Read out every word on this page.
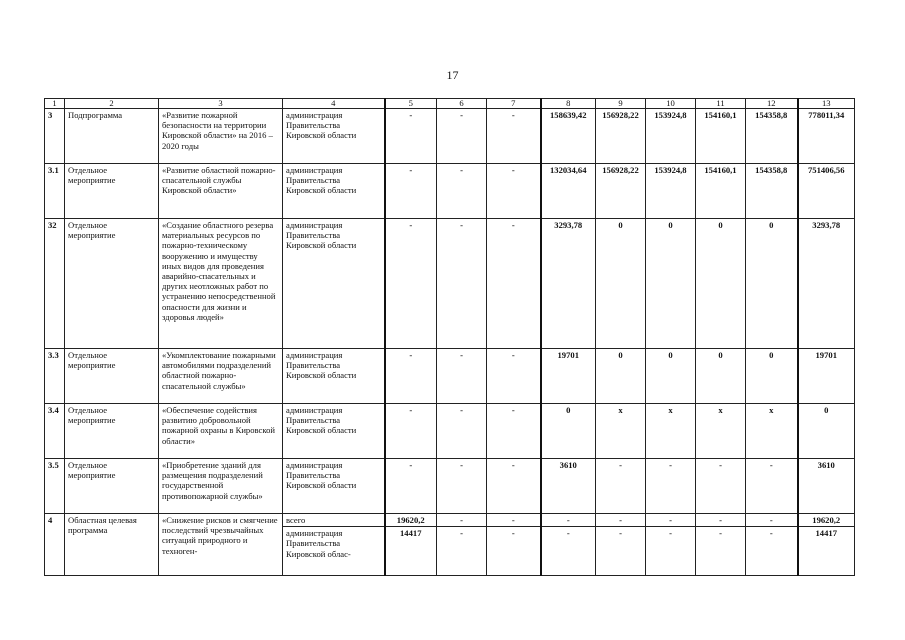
17
1	2	3	4	5	6	7	8	9	10	11	12	13
3	Подпрограмма	«Развитие пожарной безопасности на территории Кировской области» на 2016 – 2020 годы	администрация Правительства Кировской области	-	-	-	158639,42	156928,22	153924,8	154160,1	154358,8	778011,34
3.1	Отдельное мероприятие	«Развитие областной пожарно-спасательной службы Кировской области»	администрация Правительства Кировской области	-	-	-	132034,64	156928,22	153924,8	154160,1	154358,8	751406,56
32	Отдельное мероприятие	«Создание областного резерва материальных ресурсов по пожарно-техническому вооружению и имуществу иных видов для проведения аварийно-спасательных и других неотложных работ по устранению непосредственной опасности для жизни и здоровья людей»	администрация Правительства Кировской области	-	-	-	3293,78	0	0	0	0	3293,78
3.3	Отдельное мероприятие	«Укомплектование пожарными автомобилями подразделений областной пожарно-спасательной службы»	администрация Правительства Кировской области	-	-	-	19701	0	0	0	0	19701
3.4	Отдельное мероприятие	«Обеспечение содействия развитию добровольной пожарной охраны в Кировской области»	администрация Правительства Кировской области	-	-	-	0	x	x	x	x	0
3.5	Отдельное мероприятие	«Приобретение зданий для размещения подразделений государственной противопожарной службы»	администрация Правительства Кировской области	-	-	-	3610	-	-	-	-	3610
4	Областная целевая программа	«Снижение рисков и смягчение последствий чрезвычайных ситуаций природного и техноген-	всего	19620,2	-	-	-	-	-	-	-	19620,2
			администрация Правительства Кировской облас-	14417	-	-	-	-	-	-	-	14417
